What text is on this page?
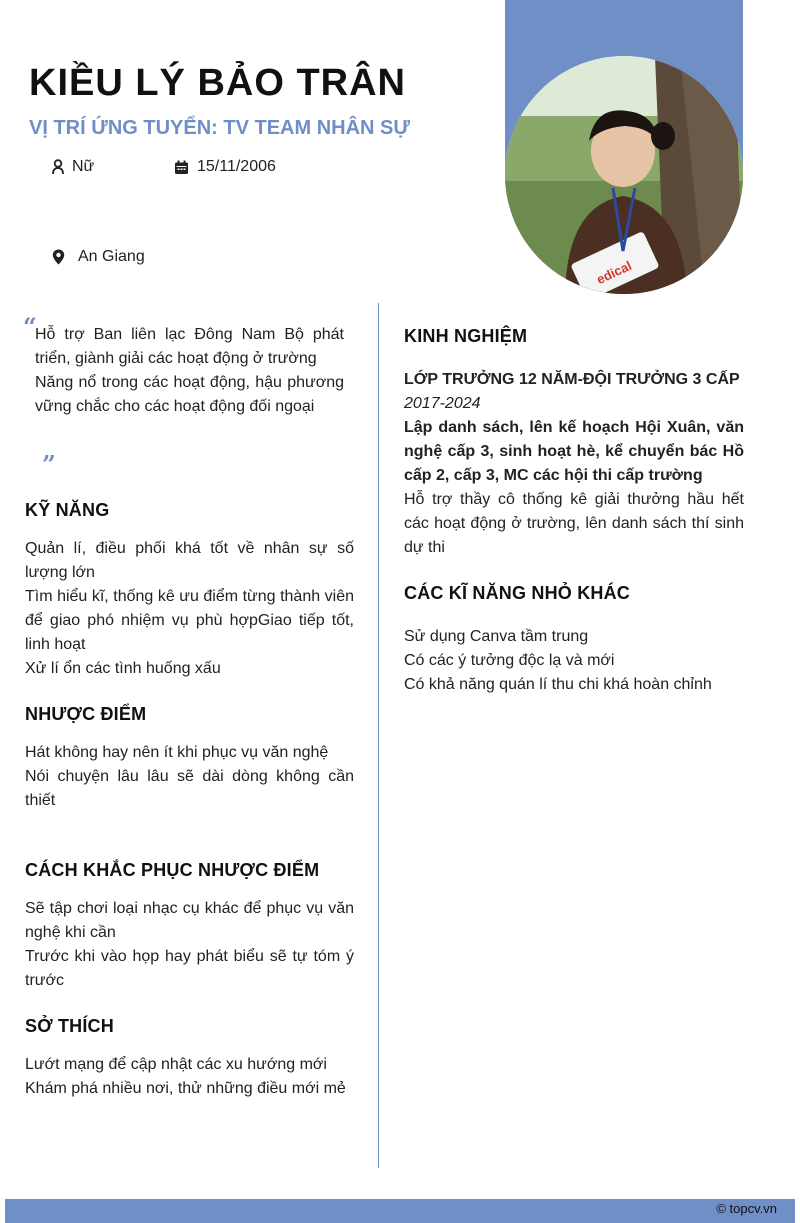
edical
KIỀU LÝ BẢO TRÂN
VỊ TRÍ ỨNG TUYỂN: TV TEAM NHÂN SỰ
Nữ	15/11/2006
An Giang
“

Hỗ trợ Ban liên lạc Đông Nam Bộ phát triển, giành giải các hoạt động ở trường

Năng nổ trong các hoạt động, hậu phương vững chắc cho các hoạt động đối ngoại

”
KỸ NĂNG

Quản lí, điều phối khá tốt về nhân sự số lượng lớn

Tìm hiểu kĩ, thống kê ưu điểm từng thành viên để giao phó nhiệm vụ phù hợpGiao tiếp tốt, linh hoạt

Xử lí ổn các tình huống xấu

NHƯỢC ĐIỂM

Hát không hay nên ít khi phục vụ văn nghệ

Nói chuyện lâu lâu sẽ dài dòng không cần thiết

CÁCH KHẮC PHỤC NHƯỢC ĐIỂM

Sẽ tập chơi loại nhạc cụ khác để phục vụ văn nghệ khi cần

Trước khi vào họp hay phát biểu sẽ tự tóm ý trước

SỞ THÍCH

Lướt mạng để cập nhật các xu hướng mới

Khám phá nhiều nơi, thử những điều mới mẻ

KINH NGHIỆM

LỚP TRƯỞNG 12 NĂM-ĐỘI TRƯỞNG 3 CẤP

2017-2024

Lập danh sách, lên kế hoạch Hội Xuân, văn nghệ cấp 3, sinh hoạt hè, kể chuyển bác Hồ cấp 2, cấp 3, MC các hội thi cấp trường

Hỗ trợ thầy cô thống kê giải thưởng hầu hết các hoạt động ở trường, lên danh sách thí sinh dự thi

CÁC KĨ NĂNG NHỎ KHÁC

Sử dụng Canva tầm trung

Có các ý tưởng độc lạ và mới

Có khả năng quán lí thu chi khá hoàn chỉnh

© topcv.vn
